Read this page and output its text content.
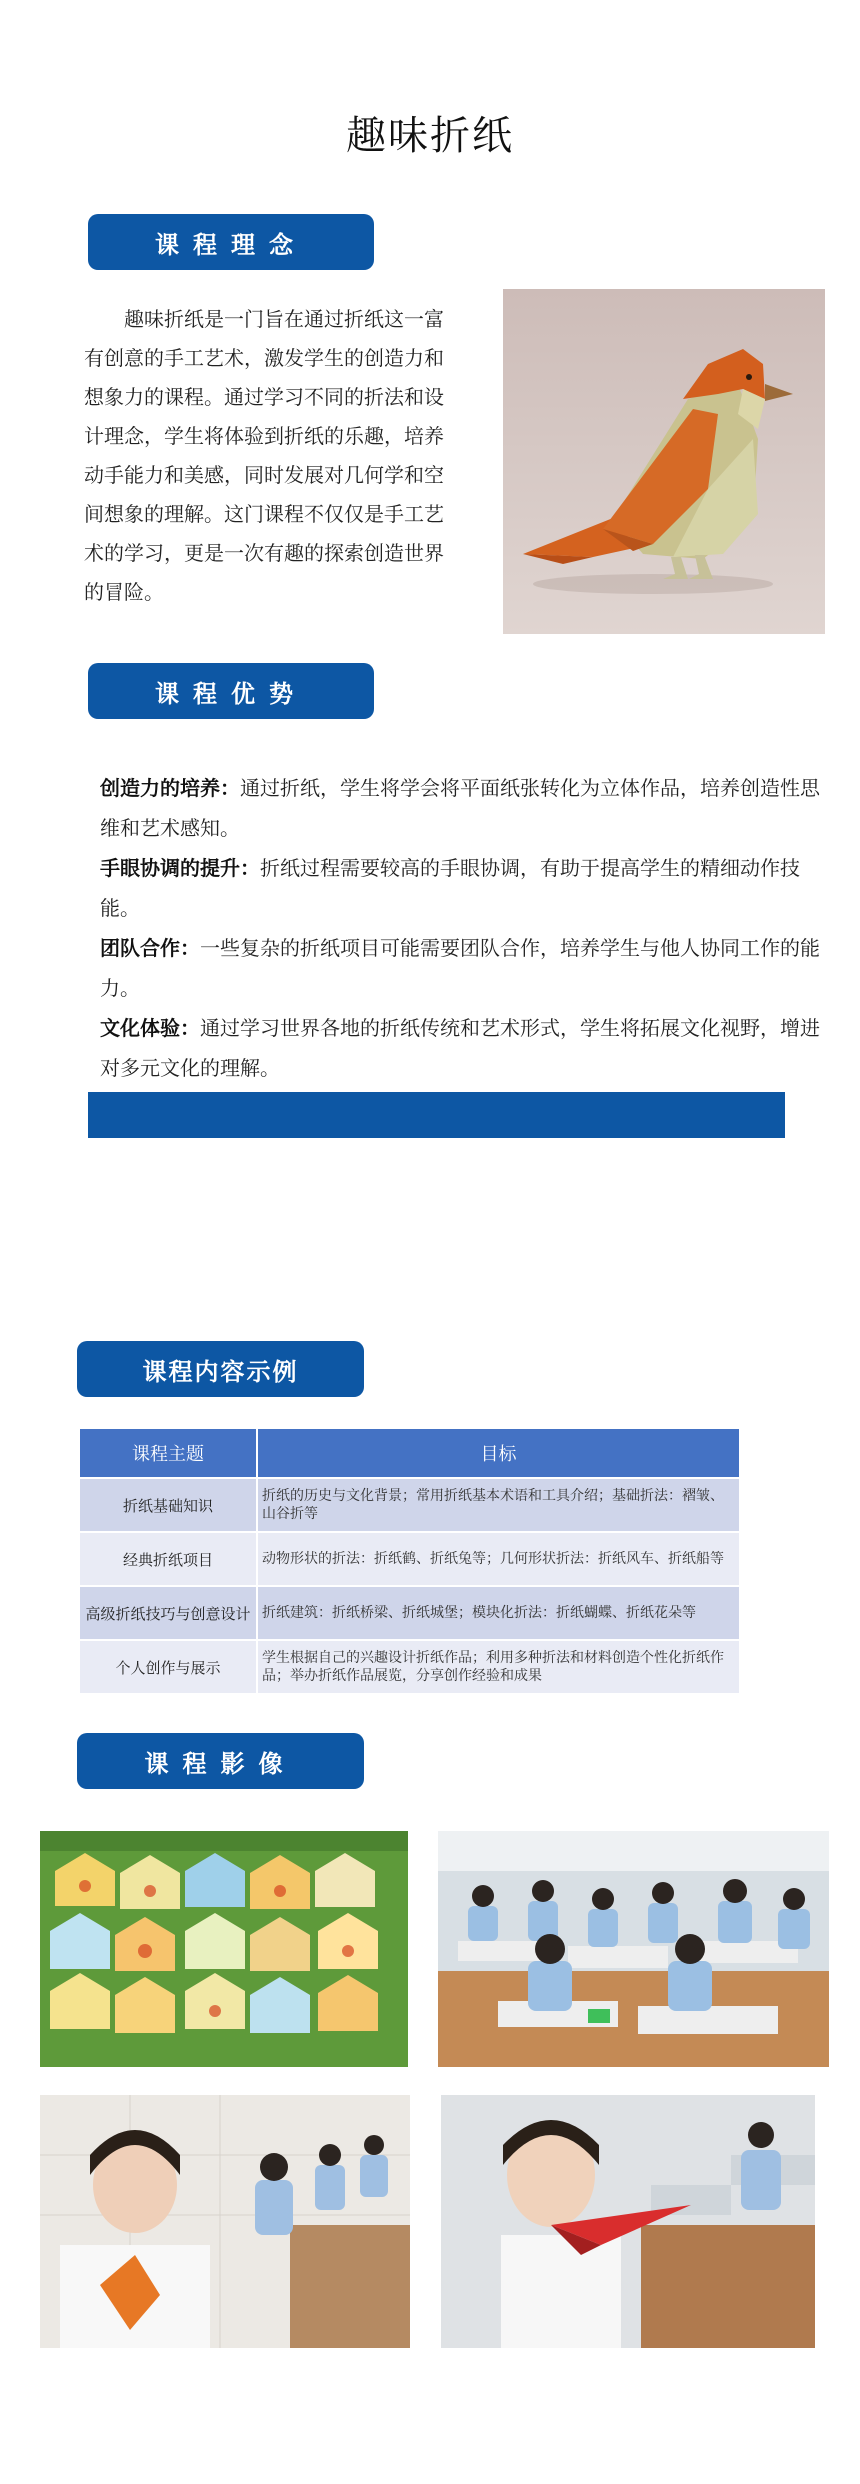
趣味折纸
课程理念

趣味折纸是一门旨在通过折纸这一富有创意的手工艺术，激发学生的创造力和想象力的课程。通过学习不同的折法和设计理念，学生将体验到折纸的乐趣，培养动手能力和美感，同时发展对几何学和空间想象的理解。这门课程不仅仅是手工艺术的学习，更是一次有趣的探索创造世界的冒险。

课程优势

创造力的培养：通过折纸，学生将学会将平面纸张转化为立体作品，培养创造性思维和艺术感知。

手眼协调的提升：折纸过程需要较高的手眼协调，有助于提高学生的精细动作技能。

团队合作：一些复杂的折纸项目可能需要团队合作，培养学生与他人协同工作的能力。

文化体验：通过学习世界各地的折纸传统和艺术形式，学生将拓展文化视野，增进对多元文化的理解。

课程内容示例
课程主题	目标
折纸基础知识	折纸的历史与文化背景；常用折纸基本术语和工具介绍；基础折法：褶皱、山谷折等
经典折纸项目	动物形状的折法：折纸鹤、折纸兔等；几何形状折法：折纸风车、折纸船等
高级折纸技巧与创意设计	折纸建筑：折纸桥梁、折纸城堡；模块化折法：折纸蝴蝶、折纸花朵等
个人创作与展示	学生根据自己的兴趣设计折纸作品；利用多种折法和材料创造个性化折纸作品；举办折纸作品展览，分享创作经验和成果
课程影像
